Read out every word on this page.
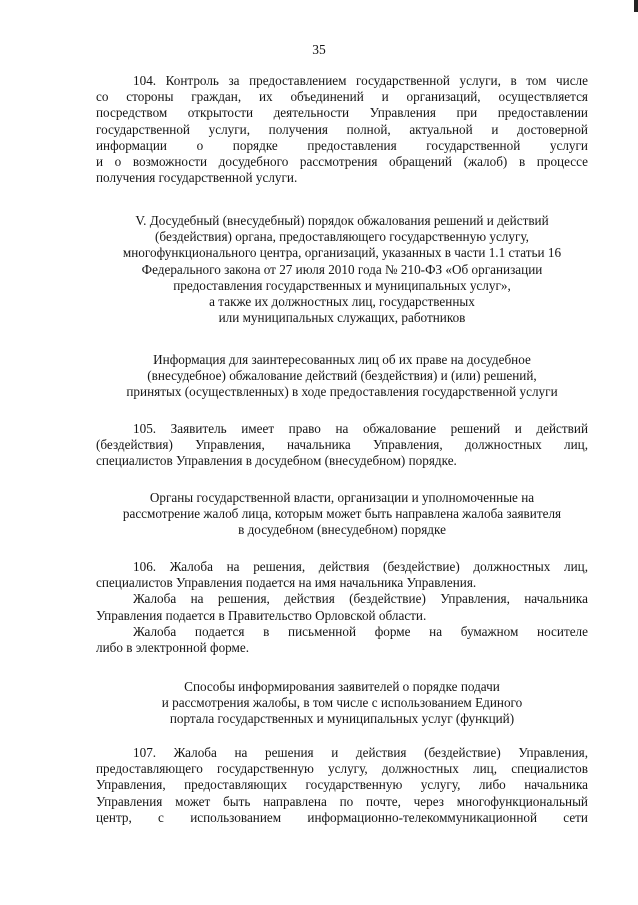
35
104. Контроль за предоставлением государственной услуги, в том числе
со стороны граждан, их объединений и организаций, осуществляется
посредством открытости деятельности Управления при предоставлении
государственной услуги, получения полной, актуальной и достоверной
информации о порядке предоставления государственной услуги
и о возможности досудебного рассмотрения обращений (жалоб) в процессе
получения государственной услуги.
V. Досудебный (внесудебный) порядок обжалования решений и действий
(бездействия) органа, предоставляющего государственную услугу,
многофункционального центра, организаций, указанных в части 1.1 статьи 16
Федерального закона от 27 июля 2010 года № 210-ФЗ «Об организации
предоставления государственных и муниципальных услуг»,
а также их должностных лиц, государственных
или муниципальных служащих, работников
Информация для заинтересованных лиц об их праве на досудебное
(внесудебное) обжалование действий (бездействия) и (или) решений,
принятых (осуществленных) в ходе предоставления государственной услуги
105. Заявитель имеет право на обжалование решений и действий
(бездействия) Управления, начальника Управления, должностных лиц,
специалистов Управления в досудебном (внесудебном) порядке.
Органы государственной власти, организации и уполномоченные на
рассмотрение жалоб лица, которым может быть направлена жалоба заявителя
в досудебном (внесудебном) порядке
106. Жалоба на решения, действия (бездействие) должностных лиц,
специалистов Управления подается на имя начальника Управления.
Жалоба на решения, действия (бездействие) Управления, начальника
Управления подается в Правительство Орловской области.
Жалоба подается в письменной форме на бумажном носителе
либо в электронной форме.
Способы информирования заявителей о порядке подачи
и рассмотрения жалобы, в том числе с использованием Единого
портала государственных и муниципальных услуг (функций)
107. Жалоба на решения и действия (бездействие) Управления,
предоставляющего государственную услугу, должностных лиц, специалистов
Управления, предоставляющих государственную услугу, либо начальника
Управления может быть направлена по почте, через многофункциональный
центр, с использованием информационно-телекоммуникационной сети
